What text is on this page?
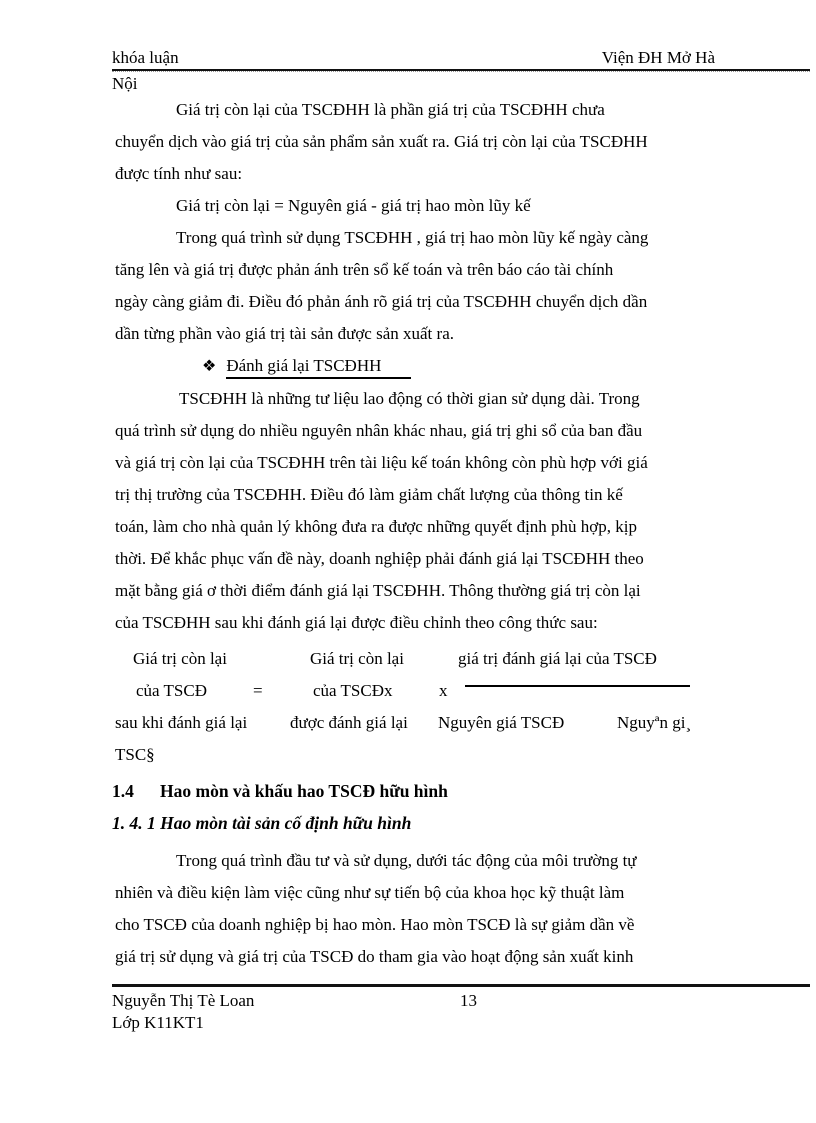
khóa luận	Viện ĐH Mở Hà
Nội
Giá trị còn lại của TSCĐHH là phần giá trị của TSCĐHH chưa
chuyển dịch vào giá trị của sản phẩm sản xuất ra. Giá trị còn lại của TSCĐHH
được tính như sau:
Giá trị còn lại = Nguyên giá - giá trị hao mòn lũy kế
Trong quá trình sử dụng TSCĐHH , giá trị hao mòn lũy kế ngày càng
tăng lên và giá trị được phản ánh trên sổ kế toán và trên báo cáo tài chính
ngày càng giảm đi. Điều đó phản ánh rõ giá trị của TSCĐHH chuyển dịch dần
dần từng phần vào giá trị tài sản được sản xuất ra.
❖ Đánh giá lại TSCĐHH
TSCĐHH là những tư liệu lao động có thời gian sử dụng dài. Trong
quá trình sử dụng do nhiều nguyên nhân khác nhau, giá trị ghi sổ của ban đầu
và giá trị còn lại của TSCĐHH trên tài liệu kế toán không còn phù hợp với giá
trị thị trường của TSCĐHH. Điều đó làm giảm chất lượng của thông tin kế
toán, làm cho nhà quản lý không đưa ra được những quyết định phù hợp, kịp
thời. Để khắc phục vấn đề này, doanh nghiệp phải đánh giá lại TSCĐHH theo
mặt bằng giá ơ thời điểm đánh giá lại TSCĐHH. Thông thường giá trị còn lại
của TSCĐHH sau khi đánh giá lại được điều chỉnh theo công thức sau:
Giá trị còn lại	Giá trị còn lại	giá trị đánh giá lại của TSCĐ
của TSCĐ	=	của TSCĐx	x
sau khi đánh giá lại	được đánh giá lại Nguyên giá TSCĐ	Nguyªn gi¸
TSC§
1.4 Hao mòn và khấu hao TSCĐ hữu hình
1. 4. 1 Hao mòn tài sản cố định hữu hình
Trong quá trình đầu tư và sử dụng, dưới tác động của môi trường tự
nhiên và điều kiện làm việc cũng như sự tiến bộ của khoa học kỹ thuật làm
cho TSCĐ của doanh nghiệp bị hao mòn. Hao mòn TSCĐ là sự giảm dần về
giá trị sử dụng và giá trị của TSCĐ do tham gia vào hoạt động sản xuất kinh
Nguyễn Thị Tè Loan	13
Lớp K11KT1
